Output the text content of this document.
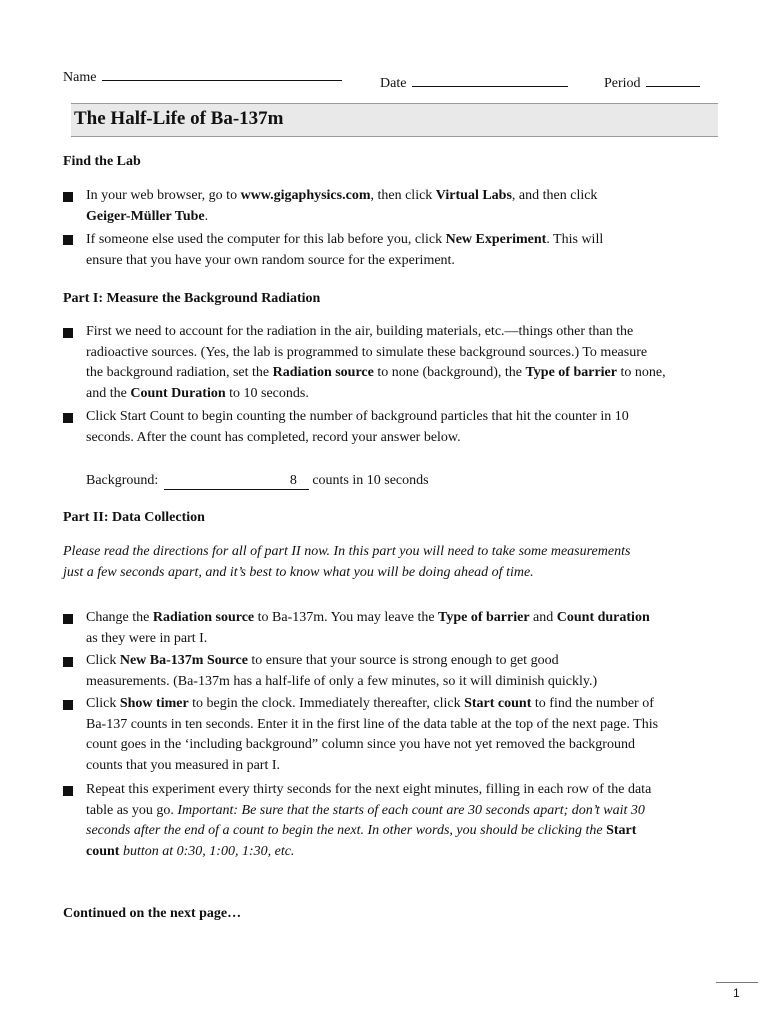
Name	Date	Period
The Half-Life of Ba-137m
Find the Lab
In your web browser, go to www.gigaphysics.com, then click Virtual Labs, and then click
Geiger-Müller Tube.
If someone else used the computer for this lab before you, click New Experiment. This will
ensure that you have your own random source for the experiment.
Part I: Measure the Background Radiation
First we need to account for the radiation in the air, building materials, etc.—things other than the
radioactive sources. (Yes, the lab is programmed to simulate these background sources.) To measure
the background radiation, set the Radiation source to none (background), the Type of barrier to none,
and the Count Duration to 10 seconds.
Click Start Count to begin counting the number of background particles that hit the counter in 10
seconds. After the count has completed, record your answer below.
Background:	8 counts in 10 seconds
Part II: Data Collection
Please read the directions for all of part II now. In this part you will need to take some measurements
just a few seconds apart, and it’s best to know what you will be doing ahead of time.
Change the Radiation source to Ba-137m. You may leave the Type of barrier and Count duration
as they were in part I.
Click New Ba-137m Source to ensure that your source is strong enough to get good
measurements. (Ba-137m has a half-life of only a few minutes, so it will diminish quickly.)
Click Show timer to begin the clock. Immediately thereafter, click Start count to find the number of
Ba-137 counts in ten seconds. Enter it in the first line of the data table at the top of the next page. This
count goes in the ‘including background” column since you have not yet removed the background
counts that you measured in part I.
Repeat this experiment every thirty seconds for the next eight minutes, filling in each row of the data
table as you go. Important: Be sure that the starts of each count are 30 seconds apart; don’t wait 30
seconds after the end of a count to begin the next. In other words, you should be clicking the Start
count button at 0:30, 1:00, 1:30, etc.
Continued on the next page…
1
